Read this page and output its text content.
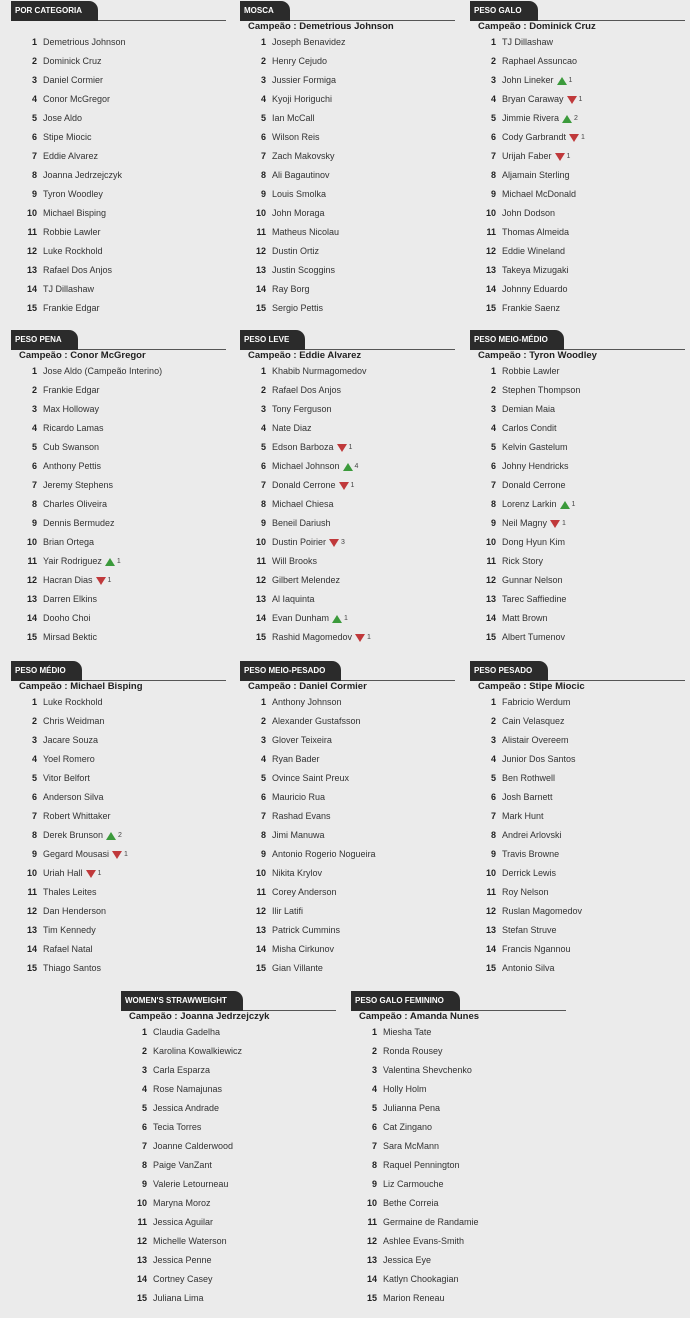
POR CATEGORIA
1 Demetrious Johnson
2 Dominick Cruz
3 Daniel Cormier
4 Conor McGregor
5 Jose Aldo
6 Stipe Miocic
7 Eddie Alvarez
8 Joanna Jedrzejczyk
9 Tyron Woodley
10 Michael Bisping
11 Robbie Lawler
12 Luke Rockhold
13 Rafael Dos Anjos
14 TJ Dillashaw
15 Frankie Edgar
MOSCA
Campeão : Demetrious Johnson
1 Joseph Benavidez
2 Henry Cejudo
3 Jussier Formiga
4 Kyoji Horiguchi
5 Ian McCall
6 Wilson Reis
7 Zach Makovsky
8 Ali Bagautinov
9 Louis Smolka
10 John Moraga
11 Matheus Nicolau
12 Dustin Ortiz
13 Justin Scoggins
14 Ray Borg
15 Sergio Pettis
PESO GALO
Campeão : Dominick Cruz
1 TJ Dillashaw
2 Raphael Assuncao
3 John Lineker 1
4 Bryan Caraway 1
5 Jimmie Rivera 2
6 Cody Garbrandt 1
7 Urijah Faber 1
8 Aljamain Sterling
9 Michael McDonald
10 John Dodson
11 Thomas Almeida
12 Eddie Wineland
13 Takeya Mizugaki
14 Johnny Eduardo
15 Frankie Saenz
PESO PENA
Campeão : Conor McGregor
1 Jose Aldo (Campeão Interino)
2 Frankie Edgar
3 Max Holloway
4 Ricardo Lamas
5 Cub Swanson
6 Anthony Pettis
7 Jeremy Stephens
8 Charles Oliveira
9 Dennis Bermudez
10 Brian Ortega
11 Yair Rodriguez 1
12 Hacran Dias 1
13 Darren Elkins
14 Dooho Choi
15 Mirsad Bektic
PESO LEVE
Campeão : Eddie Alvarez
1 Khabib Nurmagomedov
2 Rafael Dos Anjos
3 Tony Ferguson
4 Nate Diaz
5 Edson Barboza 1
6 Michael Johnson 4
7 Donald Cerrone 1
8 Michael Chiesa
9 Beneil Dariush
10 Dustin Poirier 3
11 Will Brooks
12 Gilbert Melendez
13 Al Iaquinta
14 Evan Dunham 1
15 Rashid Magomedov 1
PESO MEIO-MÉDIO
Campeão : Tyron Woodley
1 Robbie Lawler
2 Stephen Thompson
3 Demian Maia
4 Carlos Condit
5 Kelvin Gastelum
6 Johny Hendricks
7 Donald Cerrone
8 Lorenz Larkin 1
9 Neil Magny 1
10 Dong Hyun Kim
11 Rick Story
12 Gunnar Nelson
13 Tarec Saffiedine
14 Matt Brown
15 Albert Tumenov
PESO MÉDIO
Campeão : Michael Bisping
1 Luke Rockhold
2 Chris Weidman
3 Jacare Souza
4 Yoel Romero
5 Vitor Belfort
6 Anderson Silva
7 Robert Whittaker
8 Derek Brunson 2
9 Gegard Mousasi 1
10 Uriah Hall 1
11 Thales Leites
12 Dan Henderson
13 Tim Kennedy
14 Rafael Natal
15 Thiago Santos
PESO MEIO-PESADO
Campeão : Daniel Cormier
1 Anthony Johnson
2 Alexander Gustafsson
3 Glover Teixeira
4 Ryan Bader
5 Ovince Saint Preux
6 Mauricio Rua
7 Rashad Evans
8 Jimi Manuwa
9 Antonio Rogerio Nogueira
10 Nikita Krylov
11 Corey Anderson
12 Ilir Latifi
13 Patrick Cummins
14 Misha Cirkunov
15 Gian Villante
PESO PESADO
Campeão : Stipe Miocic
1 Fabricio Werdum
2 Cain Velasquez
3 Alistair Overeem
4 Junior Dos Santos
5 Ben Rothwell
6 Josh Barnett
7 Mark Hunt
8 Andrei Arlovski
9 Travis Browne
10 Derrick Lewis
11 Roy Nelson
12 Ruslan Magomedov
13 Stefan Struve
14 Francis Ngannou
15 Antonio Silva
WOMEN'S STRAWWEIGHT
Campeão : Joanna Jedrzejczyk
1 Claudia Gadelha
2 Karolina Kowalkiewicz
3 Carla Esparza
4 Rose Namajunas
5 Jessica Andrade
6 Tecia Torres
7 Joanne Calderwood
8 Paige VanZant
9 Valerie Letourneau
10 Maryna Moroz
11 Jessica Aguilar
12 Michelle Waterson
13 Jessica Penne
14 Cortney Casey
15 Juliana Lima
PESO GALO FEMININO
Campeão : Amanda Nunes
1 Miesha Tate
2 Ronda Rousey
3 Valentina Shevchenko
4 Holly Holm
5 Julianna Pena
6 Cat Zingano
7 Sara McMann
8 Raquel Pennington
9 Liz Carmouche
10 Bethe Correia
11 Germaine de Randamie
12 Ashlee Evans-Smith
13 Jessica Eye
14 Katlyn Chookagian
15 Marion Reneau
